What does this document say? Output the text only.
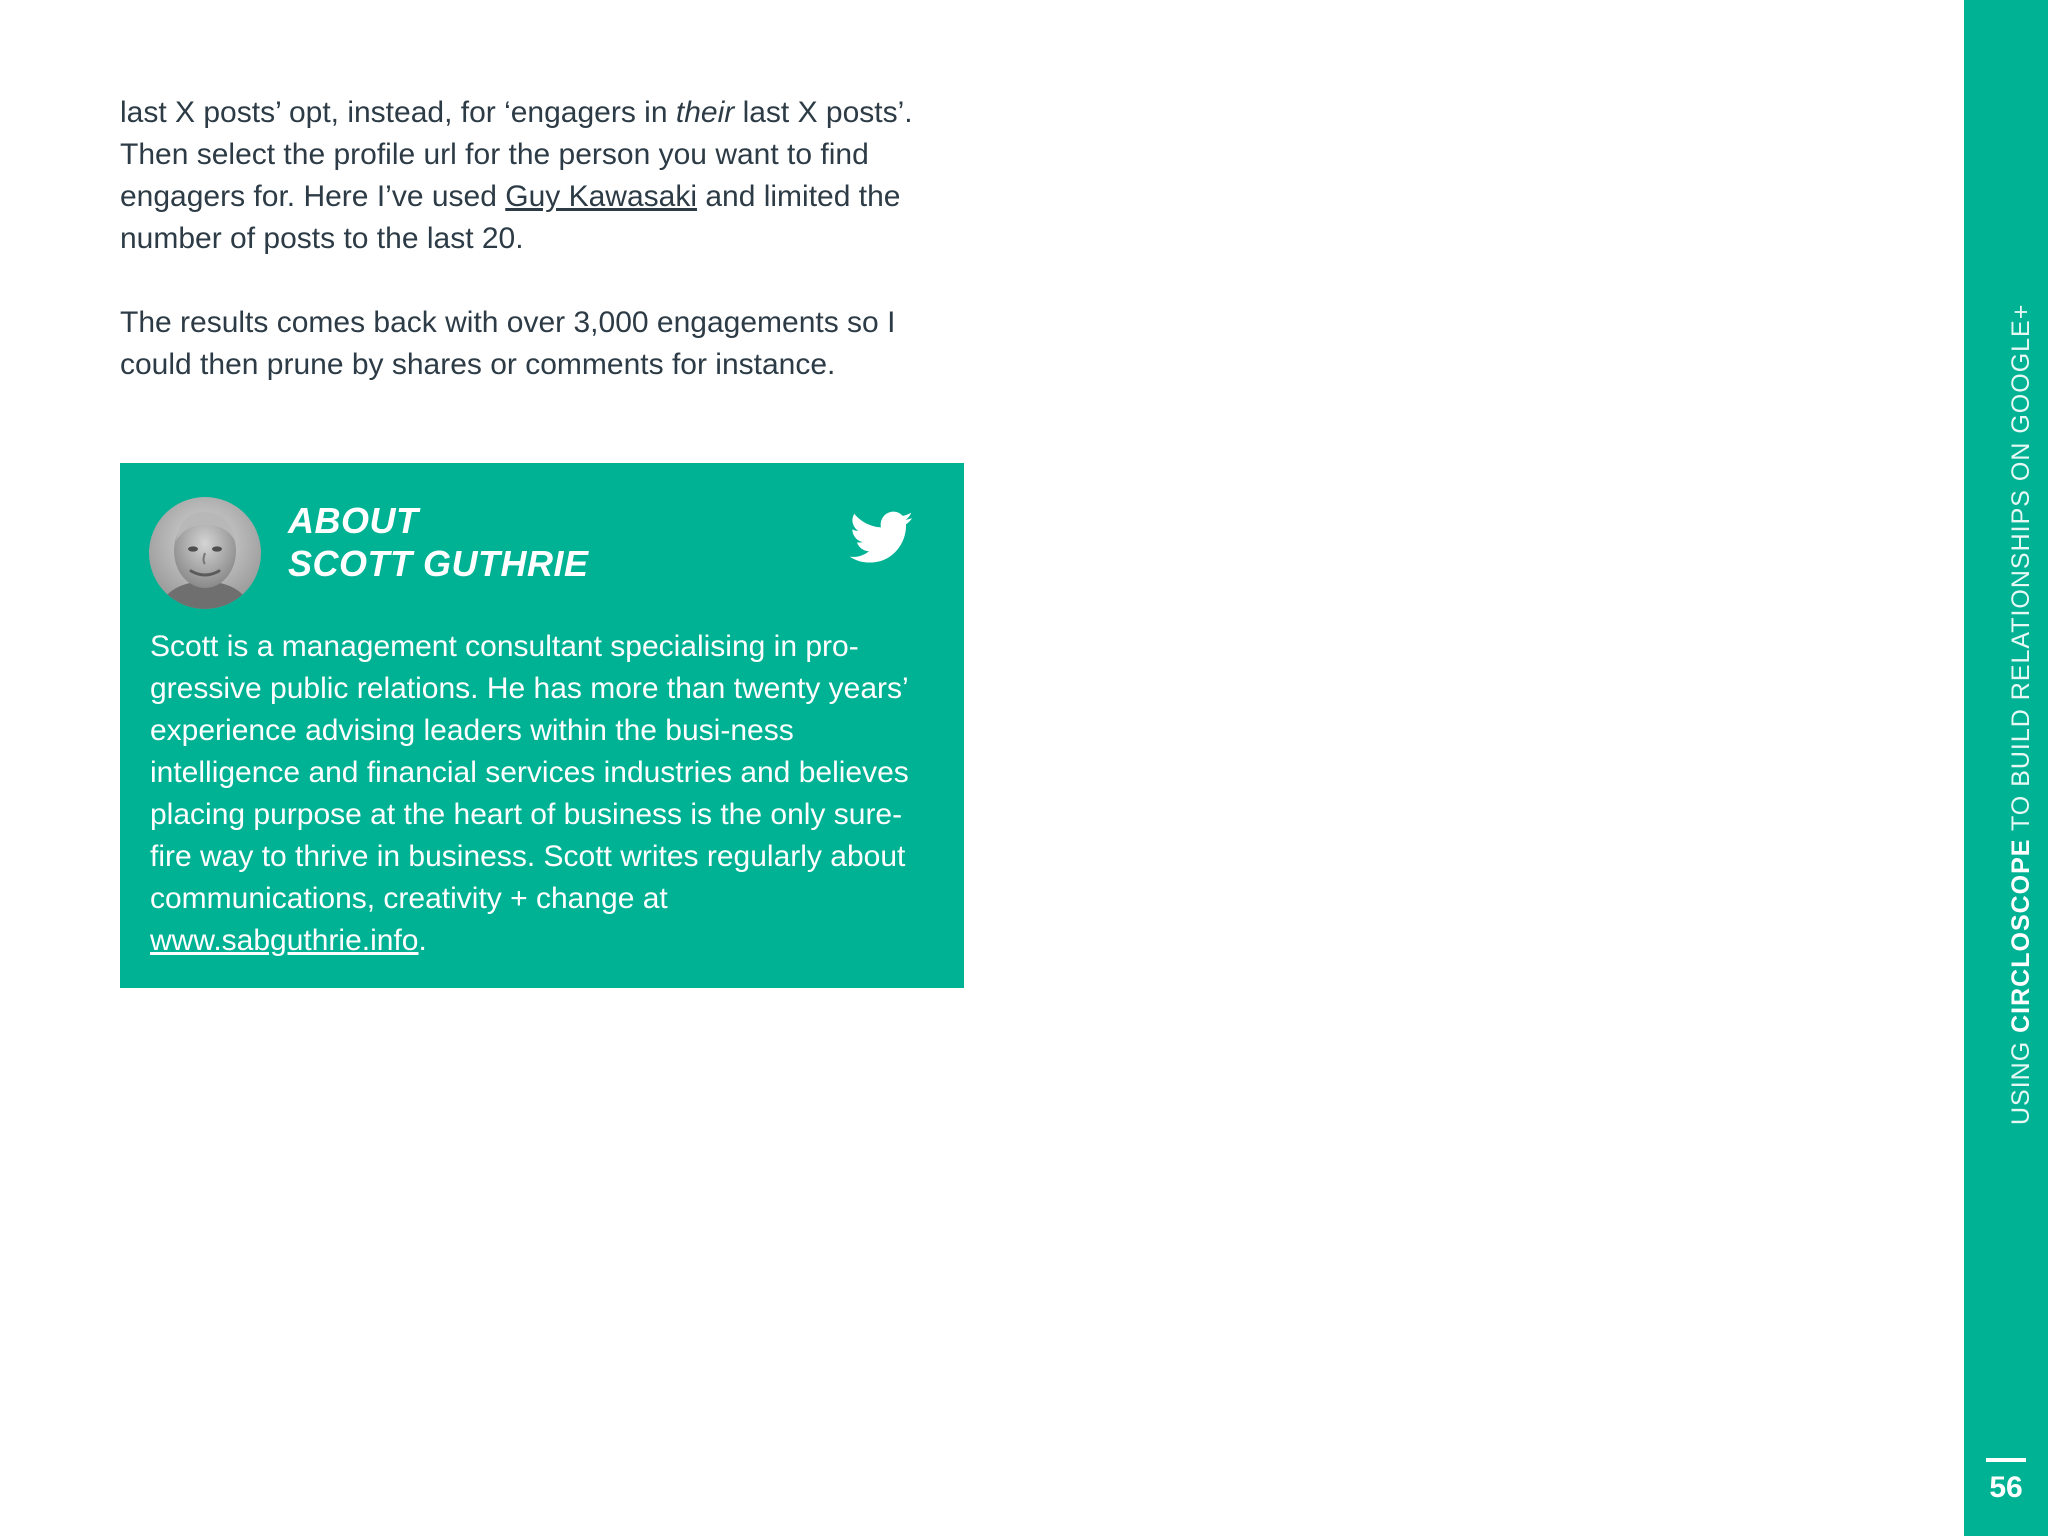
last X posts’ opt, instead, for ‘engagers in their last X posts’. Then select the profile url for the person you want to find engagers for. Here I’ve used Guy Kawasaki and limited the number of posts to the last 20.

The results comes back with over 3,000 engagements so I could then prune by shares or comments for instance.

ABOUT
SCOTT GUTHRIE

Scott is a management consultant specialising in pro-gressive public relations. He has more than twenty years’ experience advising leaders within the busi-ness intelligence and financial services industries and believes placing purpose at the heart of business is the only sure-fire way to thrive in business. Scott writes regularly about communications, creativity + change at www.sabguthrie.info.

USING CIRCLOSCOPE TO BUILD RELATIONSHIPS ON GOOGLE+
56
